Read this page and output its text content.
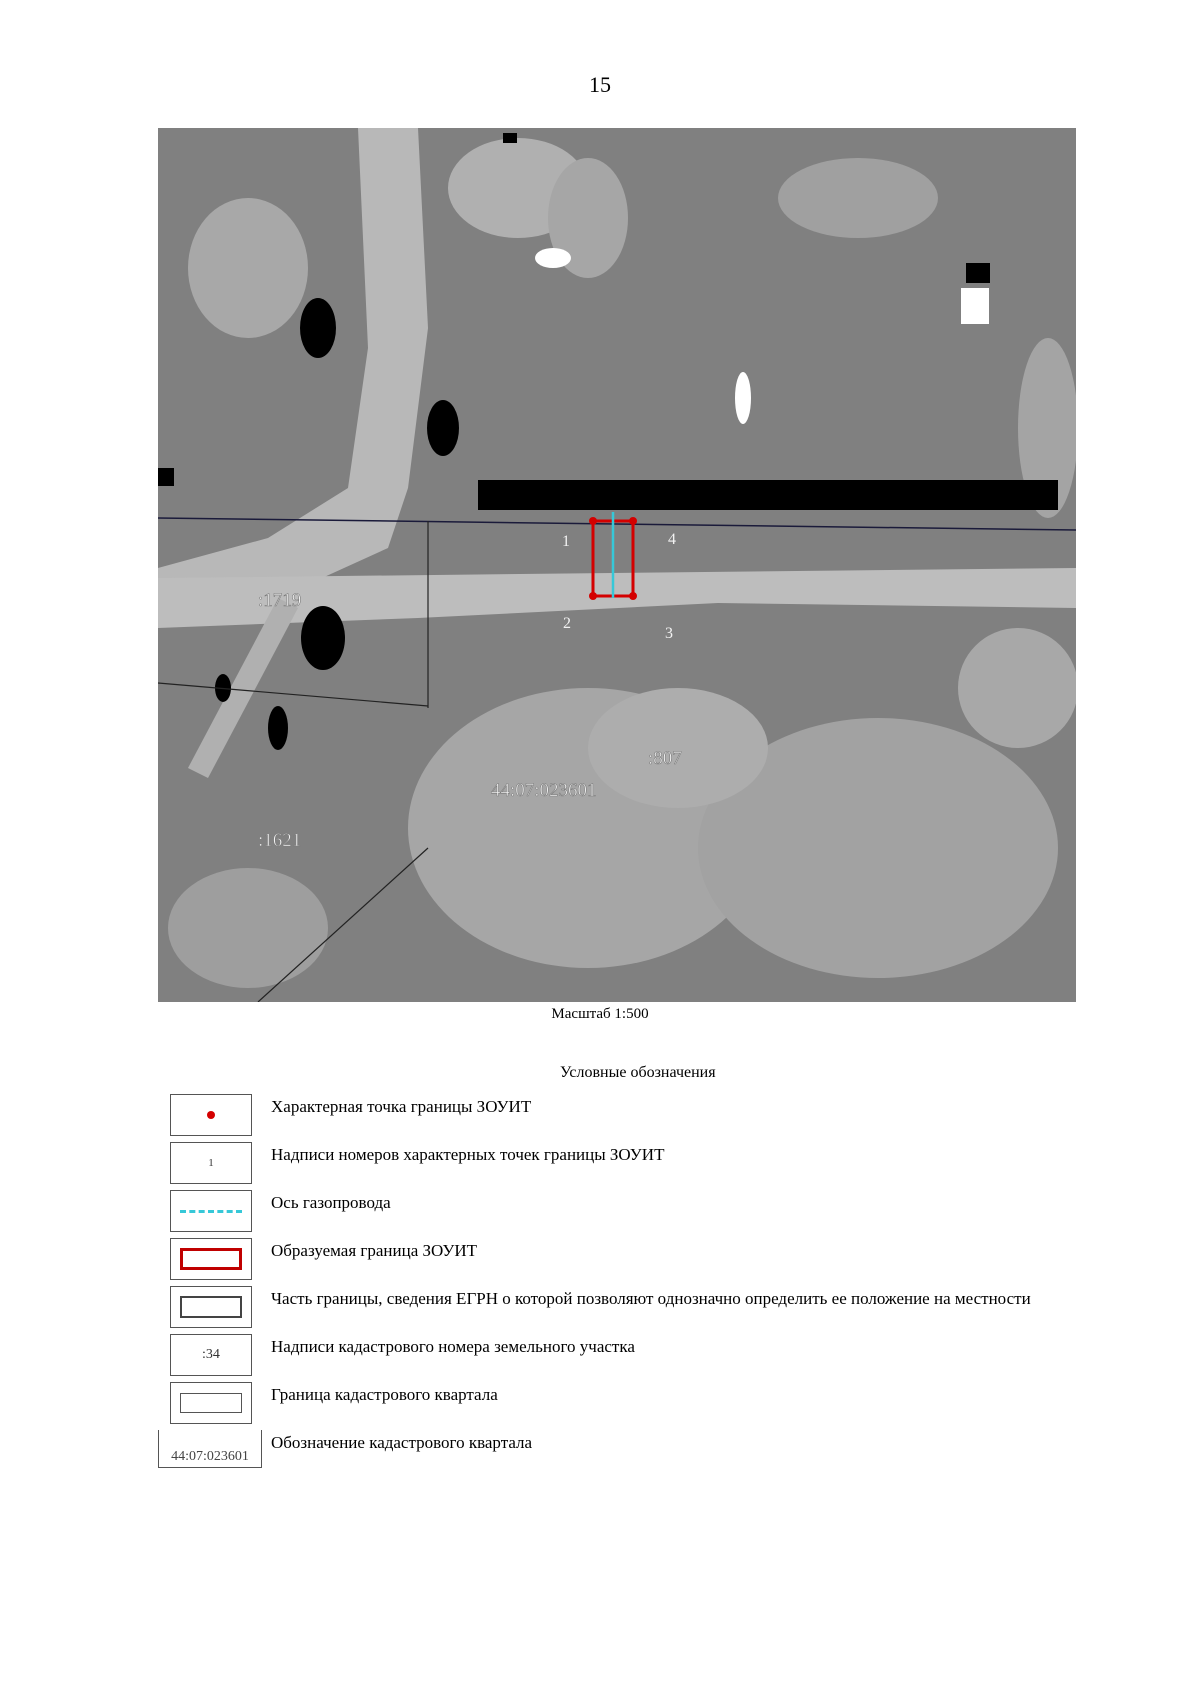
15
1
2
3
4
:1719
:1621
:807
44:07:023601
Масштаб 1:500
Условные обозначения
Характерная точка границы ЗОУИТ
1	Надписи номеров характерных точек границы ЗОУИТ
Ось газопровода
Образуемая граница ЗОУИТ
Часть границы, сведения ЕГРН о которой позволяют однозначно определить ее положение на местности
:34	Надписи кадастрового номера земельного участка
Граница кадастрового квартала
44:07:023601
Обозначение кадастрового квартала
